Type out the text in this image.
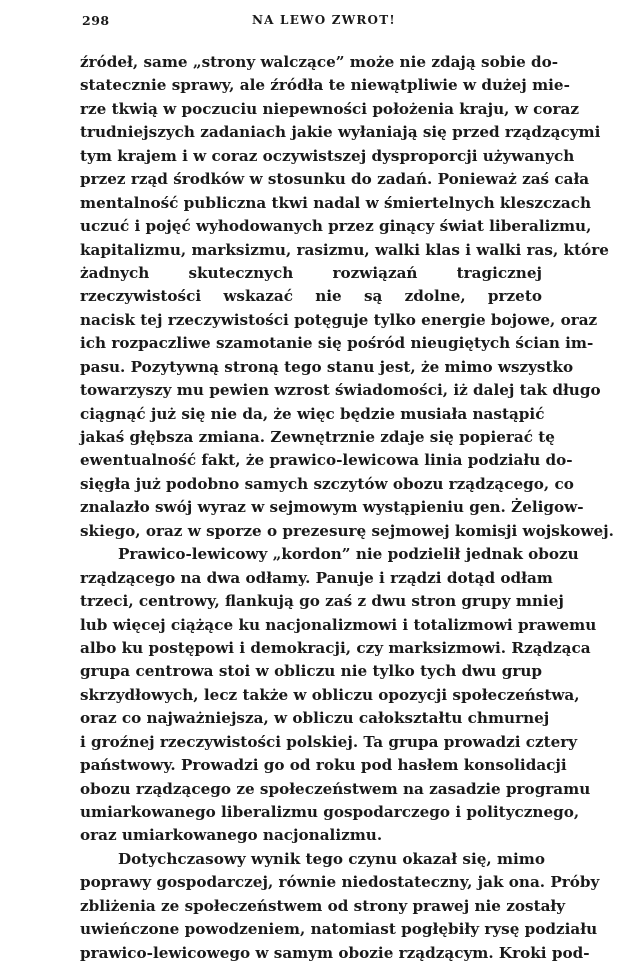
298	NA LEWO ZWROT!
źródeł, same „strony walczące” może nie zdają sobie do-
statecznie sprawy, ale źródła te niewątpliwie w dużej mie-
rze tkwią w poczuciu niepewności położenia kraju, w coraz
trudniejszych zadaniach jakie wyłaniają się przed rządzącymi
tym krajem i w coraz oczywistszej dysproporcji używanych
przez rząd środków w stosunku do zadań. Ponieważ zaś cała
mentalność publiczna tkwi nadal w śmiertelnych kleszczach
uczuć i pojęć wyhodowanych przez ginący świat liberalizmu,
kapitalizmu, marksizmu, rasizmu, walki klas i walki ras, które
żadnych skutecznych rozwiązań tragicznej
rzeczywistości wskazać nie są zdolne, przeto
nacisk tej rzeczywistości potęguje tylko energie bojowe, oraz
ich rozpaczliwe szamotanie się pośród nieugiętych ścian im-
pasu. Pozytywną stroną tego stanu jest, że mimo wszystko
towarzyszy mu pewien wzrost świadomości, iż dalej tak długo
ciągnąć już się nie da, że więc będzie musiała nastąpić
jakaś głębsza zmiana. Zewnętrznie zdaje się popierać tę
ewentualność fakt, że prawico-lewicowa linia podziału do-
sięgła już podobno samych szczytów obozu rządzącego, co
znalazło swój wyraz w sejmowym wystąpieniu gen. Żeligow-
skiego, oraz w sporze o prezesurę sejmowej komisji wojskowej.
Prawico-lewicowy „kordon” nie podzielił jednak obozu
rządzącego na dwa odłamy. Panuje i rządzi dotąd odłam
trzeci, centrowy, flankują go zaś z dwu stron grupy mniej
lub więcej ciążące ku nacjonalizmowi i totalizmowi prawemu
albo ku postępowi i demokracji, czy marksizmowi. Rządząca
grupa centrowa stoi w obliczu nie tylko tych dwu grup
skrzydłowych, lecz także w obliczu opozycji społeczeństwa,
oraz co najważniejsza, w obliczu całokształtu chmurnej
i groźnej rzeczywistości polskiej. Ta grupa prowadzi cztery
państwowy. Prowadzi go od roku pod hasłem konsolidacji
obozu rządzącego ze społeczeństwem na zasadzie programu
umiarkowanego liberalizmu gospodarczego i politycznego,
oraz umiarkowanego nacjonalizmu.
Dotychczasowy wynik tego czynu okazał się, mimo
poprawy gospodarczej, równie niedostateczny, jak ona. Próby
zbliżenia ze społeczeństwem od strony prawej nie zostały
uwieńczone powodzeniem, natomiast pogłębiły rysę podziału
prawico-lewicowego w samym obozie rządzącym. Kroki pod-
